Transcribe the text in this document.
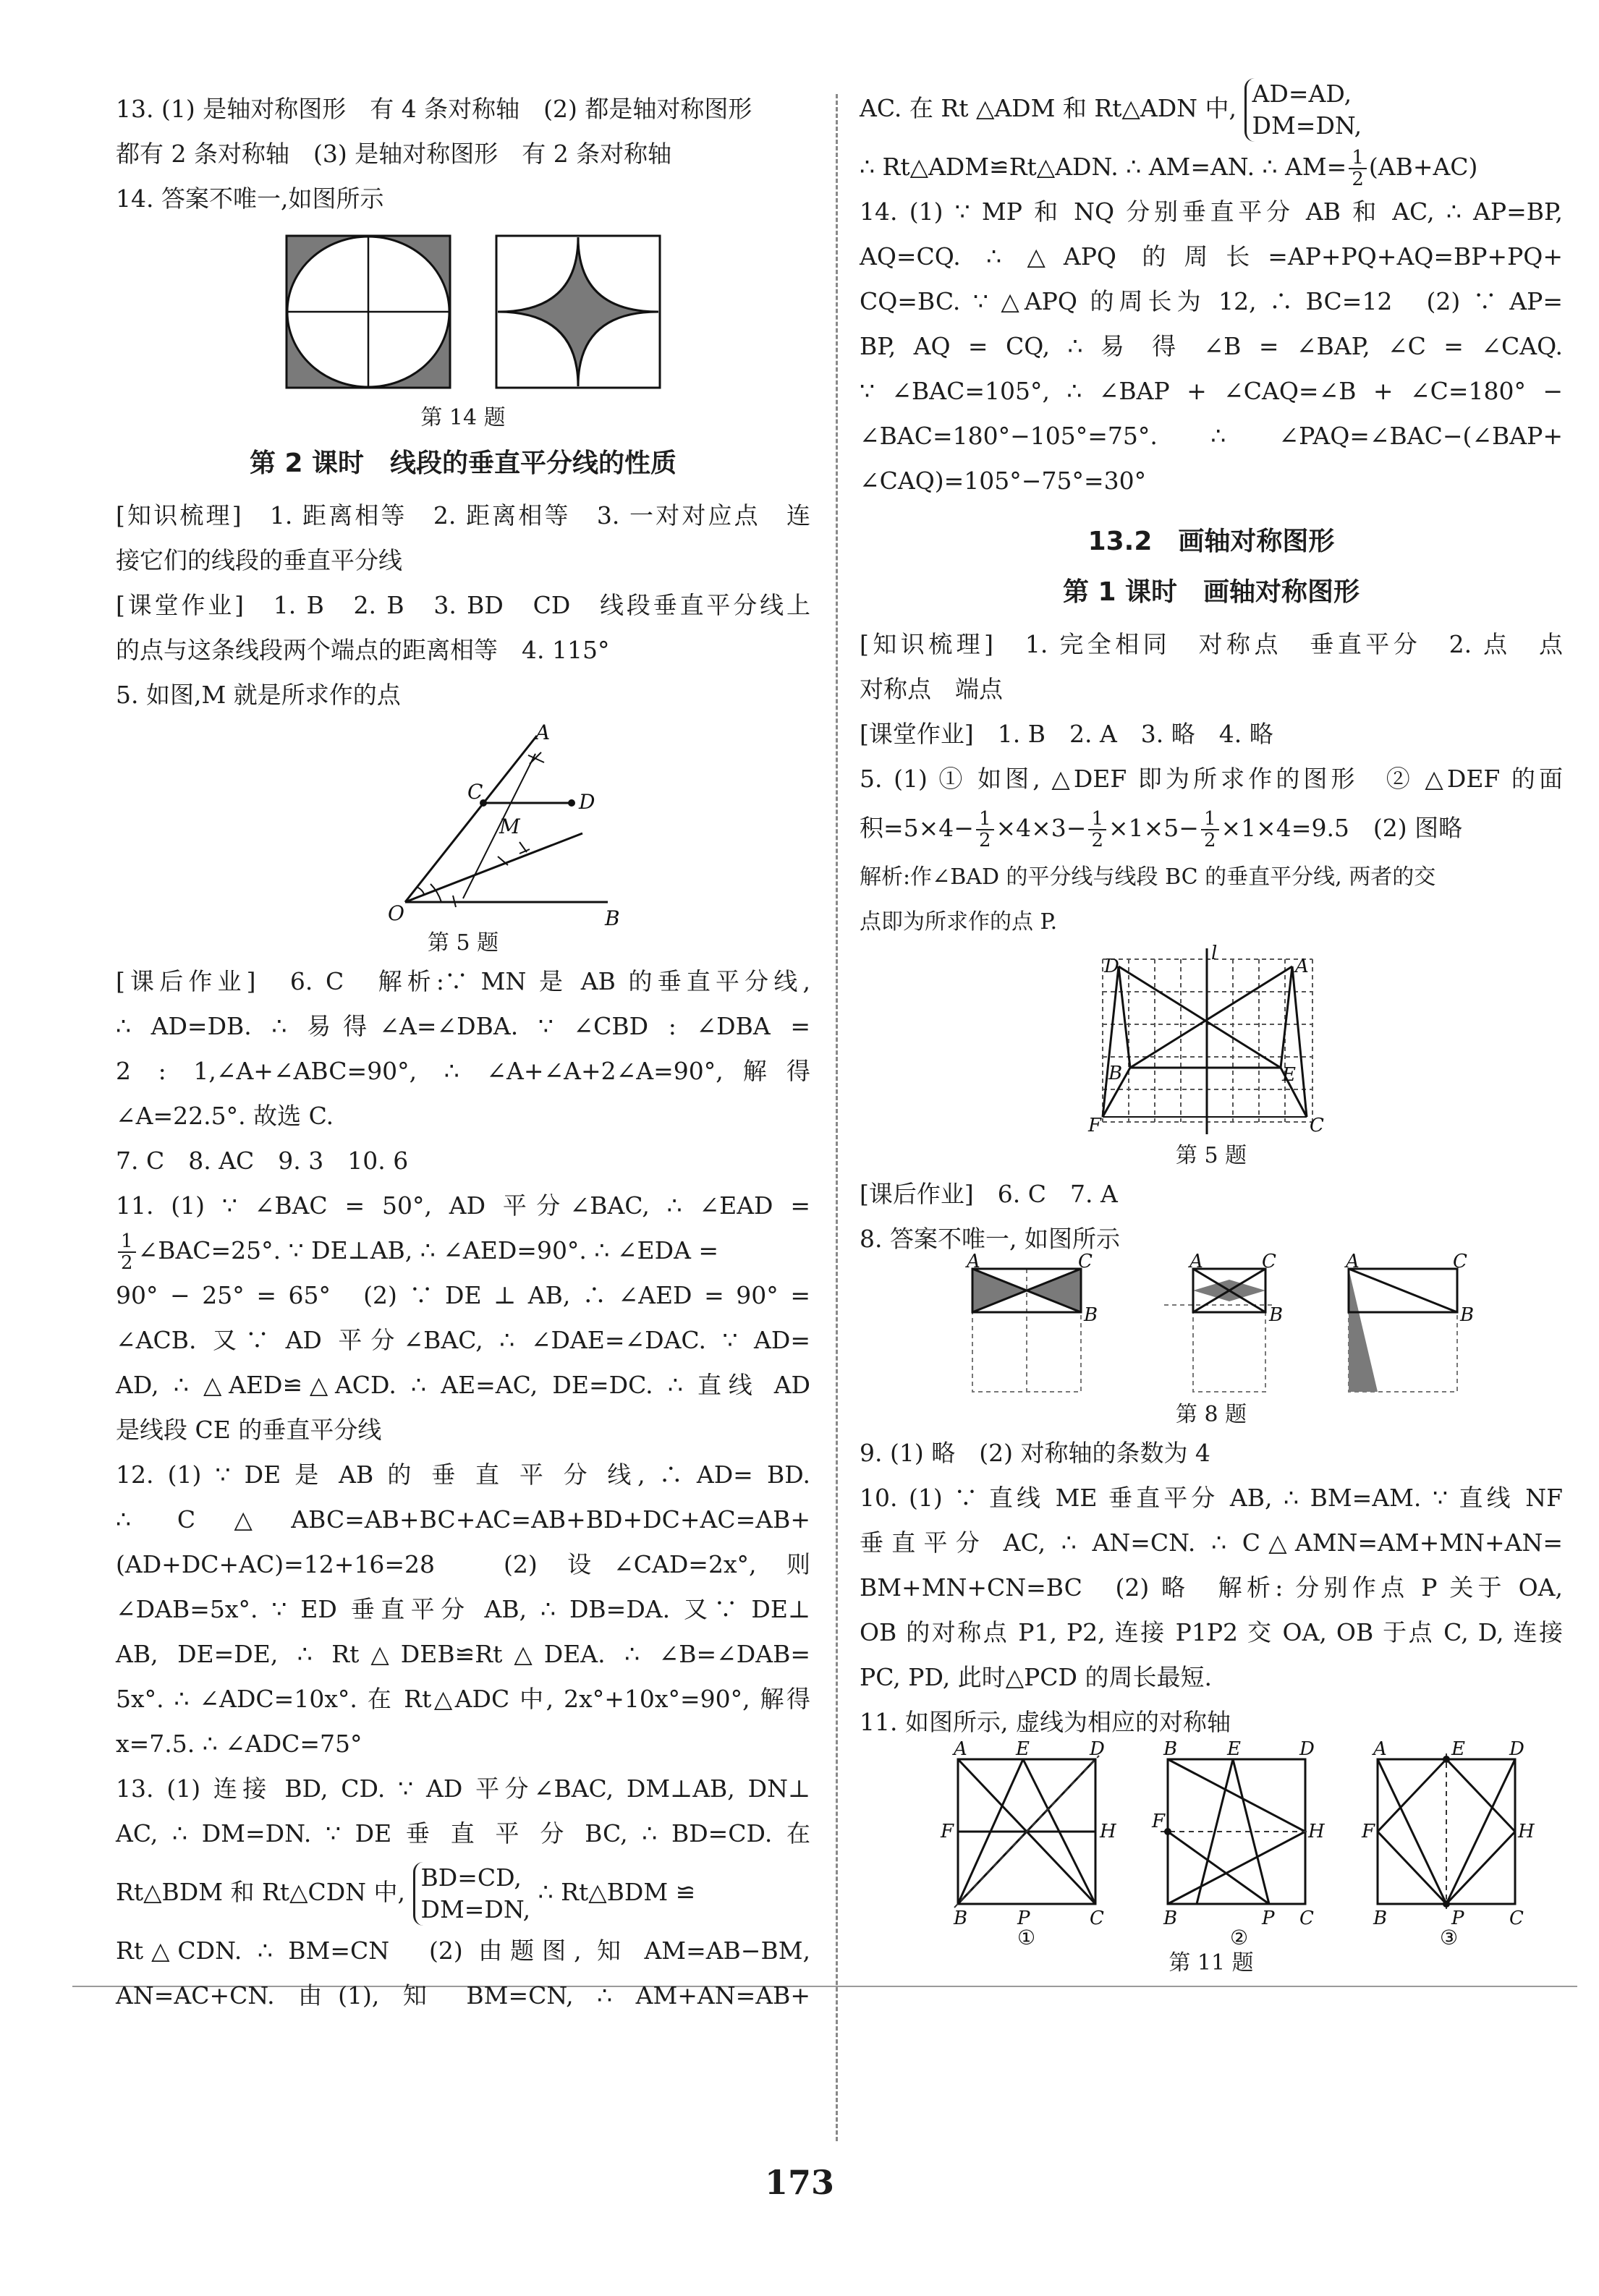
13. (1) 是轴对称图形　有 4 条对称轴　(2) 都是轴对称图形

都有 2 条对称轴　(3) 是轴对称图形　有 2 条对称轴

14. 答案不唯一,如图所示

第 14 题

第 2 课时　线段的垂直平分线的性质

[知识梳理]　1. 距离相等　2. 距离相等　3. 一对对应点　连

接它们的线段的垂直平分线

[课堂作业]　1. B　2. B　3. BD　CD　线段垂直平分线上

的点与这条线段两个端点的距离相等　4. 115°

5. 如图,M 就是所求作的点

A
C	D
M
O	B

第 5 题

[课后作业]　6. C　解析:∵ MN 是 AB 的垂直平分线,

∴ AD=DB. ∴ 易得∠A=∠DBA. ∵ ∠CBD : ∠DBA =

2 : 1,∠A+∠ABC=90°, ∴ ∠A+∠A+2∠A=90°,解得

∠A=22.5°. 故选 C.

7. C　8. AC　9. 3　10. 6

11. (1) ∵ ∠BAC = 50°, AD 平分∠BAC, ∴ ∠EAD =

$\frac{1}{2}$ ∠BAC=25°. ∵ DE⊥AB, ∴ ∠AED=90°. ∴ ∠EDA =

90° − 25° = 65°　(2) ∵ DE ⊥ AB, ∴ ∠AED = 90° =

∠ACB. 又∵ AD 平分∠BAC, ∴ ∠DAE=∠DAC. ∵ AD=

AD, ∴ △AED≌△ACD. ∴ AE=AC, DE=DC. ∴ 直线 AD

是线段 CE 的垂直平分线

12. (1) ∵ DE 是 AB 的 垂 直 平 分 线, ∴ AD= BD.

∴ C△ABC=AB+BC+AC=AB+BD+DC+AC=AB+

(AD+DC+AC)=12+16=28　(2) 设∠CAD=2x°, 则

∠DAB=5x°. ∵ ED 垂直平分 AB, ∴ DB=DA. 又∵ DE⊥

AB, DE=DE, ∴ Rt△DEB≌Rt△DEA. ∴ ∠B=∠DAB=

5x°. ∴ ∠ADC=10x°. 在 Rt△ADC 中, 2x°+10x°=90°, 解得

x=7.5. ∴ ∠ADC=75°

13. (1) 连接 BD, CD. ∵ AD 平分∠BAC, DM⊥AB, DN⊥

AC, ∴ DM=DN. ∵ DE 垂 直 平 分 BC, ∴ BD=CD. 在

Rt△BDM 和 Rt△CDN 中, BD=CD,
DM=DN, ∴ Rt△BDM ≌

Rt△CDN. ∴ BM=CN　(2) 由题图, 知 AM=AB−BM,

AN=AC+CN. 由(1), 知 BM=CN, ∴ AM+AN=AB+

AC. 在 Rt △ADM 和 Rt△ADN 中, AD=AD,
DM=DN,

∴ Rt△ADM≌Rt△ADN. ∴ AM=AN. ∴ $AM= \frac{1}{2} (AB+AC)$

14. (1) ∵ MP 和 NQ 分别垂直平分 AB 和 AC, ∴ AP=BP,

AQ=CQ. ∴ △APQ 的周长=AP+PQ+AQ=BP+PQ+

CQ=BC. ∵ △APQ 的周长为 12, ∴ BC=12　(2) ∵ AP=

BP, AQ = CQ, ∴ 易 得 ∠B = ∠BAP, ∠C = ∠CAQ.

∵ ∠BAC=105°, ∴ ∠BAP + ∠CAQ=∠B + ∠C=180° −

∠BAC=180°−105°=75°. ∴ ∠PAQ=∠BAC−(∠BAP+

∠CAQ)=105°−75°=30°

13.2　画轴对称图形

第 1 课时　画轴对称图形

[知识梳理]　1. 完全相同　对称点　垂直平分　2. 点　点

对称点　端点

[课堂作业]　1. B　2. A　3. 略　4. 略

5. (1) ① 如图, △DEF 即为所求作的图形　② △DEF 的面

积$=5\times 4- \frac{1}{2} \times 4\times 3- \frac{1}{2} \times 1\times 5- \frac{1}{2} \times 1\times 4=9.5$　(2) 图略

解析:作∠BAD 的平分线与线段 BC 的垂直平分线, 两者的交

点即为所求作的点 P.

l
D	A
B	E
F	C

第 5 题

[课后作业]　6. C　7. A

8. 答案不唯一, 如图所示

A	C
B
A	C
B
A	C
B

第 8 题

9. (1) 略　(2) 对称轴的条数为 4

10. (1) ∵ 直线 ME 垂直平分 AB, ∴ BM=AM. ∵ 直线 NF

垂直平分 AC, ∴ AN=CN. ∴ C△AMN=AM+MN+AN=

BM+MN+CN=BC　(2) 略　解析: 分别作点 P 关于 OA,

OB 的对称点 P1, P2, 连接 P1P2 交 OA, OB 于点 C, D, 连接

PC, PD, 此时△PCD 的周长最短.

11. 如图所示, 虚线为相应的对称轴

A	E	D
F	H
B	P	C
B	E	D
F	H
B	P C
A	E D
F	H
B	P C
①	②	③

第 11 题

173
